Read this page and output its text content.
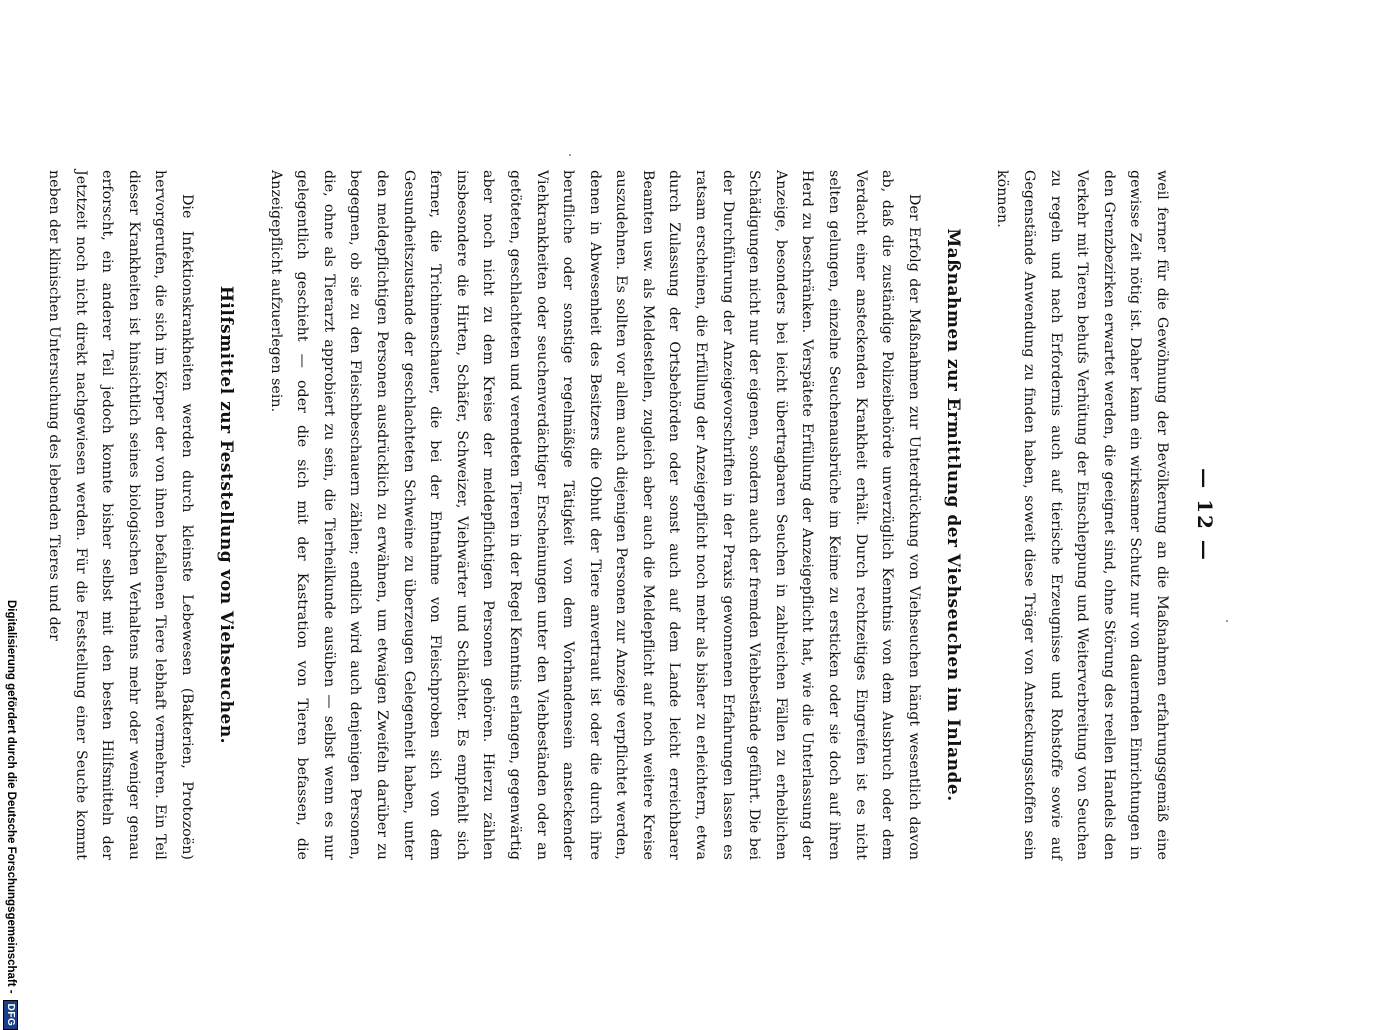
— 12 —

weil ferner für die Gewöhnung der Bevölkerung an die Maßnahmen erfahrungsgemäß eine gewisse Zeit nötig ist. Daher kann ein wirksamer Schutz nur von dauernden Einrichtungen in den Grenzbezirken erwartet werden, die geeignet sind, ohne Störung des reellen Handels den Verkehr mit Tieren behufs Verhütung der Einschleppung und Weiterverbreitung von Seuchen zu regeln und nach Erfordernis auch auf tierische Erzeugnisse und Rohstoffe sowie auf Gegenstände Anwendung zu finden haben, soweit diese Träger von Ansteckungsstoffen sein können.

Maßnahmen zur Ermittlung der Viehseuchen im Inlande.

Der Erfolg der Maßnahmen zur Unterdrückung von Viehseuchen hängt wesentlich davon ab, daß die zuständige Polizeibehörde unverzüglich Kenntnis von dem Ausbruch oder dem Verdacht einer ansteckenden Krankheit erhält. Durch rechtzeitiges Eingreifen ist es nicht selten gelungen, einzelne Seuchenausbrüche im Keime zu ersticken oder sie doch auf ihren Herd zu beschränken. Verspätete Erfüllung der Anzeigepflicht hat, wie die Unterlassung der Anzeige, besonders bei leicht übertragbaren Seuchen in zahlreichen Fällen zu erheblichen Schädigungen nicht nur der eigenen, sondern auch der fremden Viehbestände geführt. Die bei der Durchführung der Anzeigevorschriften in der Praxis gewonnenen Erfahrungen lassen es ratsam erscheinen, die Erfüllung der Anzeigepflicht noch mehr als bisher zu erleichtern, etwa durch Zulassung der Ortsbehörden oder sonst auch auf dem Lande leicht erreichbarer Beamten usw. als Meldestellen, zugleich aber auch die Meldepflicht auf noch weitere Kreise auszudehnen. Es sollten vor allem auch diejenigen Personen zur Anzeige verpflichtet werden, denen in Abwesenheit des Besitzers die Obhut der Tiere anvertraut ist oder die durch ihre berufliche oder sonstige regelmäßige Tätigkeit von dem Vorhandensein ansteckender Viehkrankheiten oder seuchenverdächtiger Erscheinungen unter den Viehbeständen oder an getöteten, geschlachteten und verendeten Tieren in der Regel Kenntnis erlangen, gegenwärtig aber noch nicht zu dem Kreise der meldepflichtigen Personen gehören. Hierzu zählen insbesondere die Hirten, Schäfer, Schweizer, Viehwärter und Schlächter. Es empfiehlt sich ferner, die Trichinenschauer, die bei der Entnahme von Fleischproben sich von dem Gesundheitszustande der geschlachteten Schweine zu überzeugen Gelegenheit haben, unter den meldepflichtigen Personen ausdrücklich zu erwähnen, um etwaigen Zweifeln darüber zu begegnen, ob sie zu den Fleischbeschauern zählen; endlich wird auch denjenigen Personen, die, ohne als Tierarzt approbiert zu sein, die Tierheilkunde ausüben — selbst wenn es nur gelegentlich geschieht — oder die sich mit der Kastration von Tieren befassen, die Anzeigepflicht aufzuerlegen sein.

Hilfsmittel zur Feststellung von Viehseuchen.

Die Infektionskrankheiten werden durch kleinste Lebewesen (Bakterien, Protozoën) hervorgerufen, die sich im Körper der von ihnen befallenen Tiere lebhaft vermehren. Ein Teil dieser Krankheiten ist hinsichtlich seines biologischen Verhaltens mehr oder weniger genau erforscht, ein anderer Teil jedoch konnte bisher selbst mit den besten Hilfsmitteln der Jetztzeit noch nicht direkt nachgewiesen werden. Für die Feststellung einer Seuche kommt neben der klinischen Untersuchung des lebenden Tieres und der

Digitalisierung gefördert durch die Deutsche Forschungsgemeinschaft -
DFG
